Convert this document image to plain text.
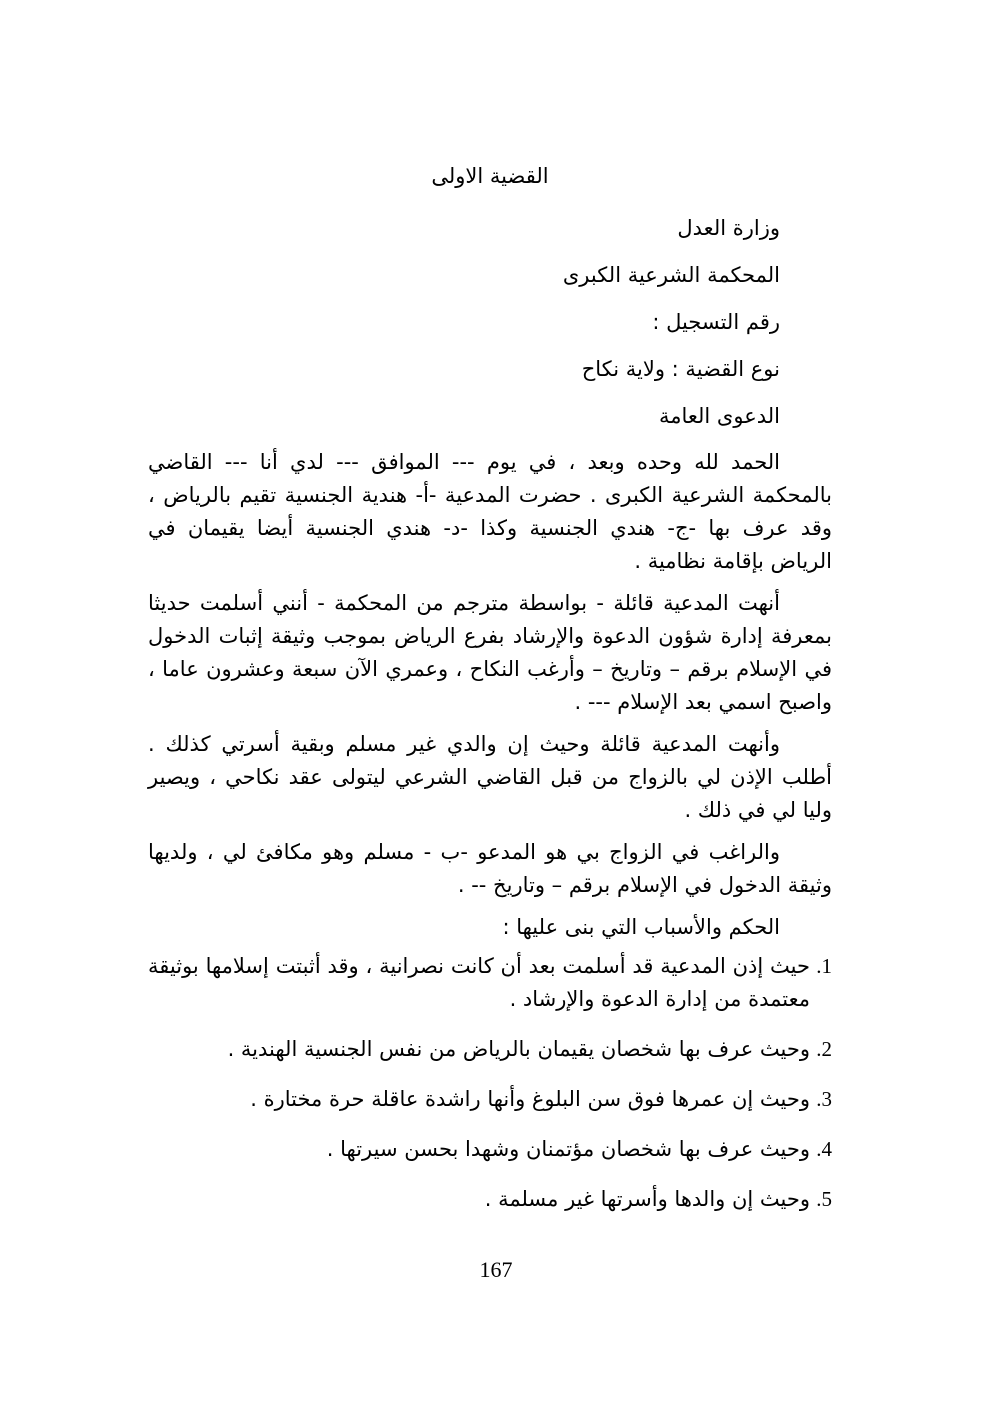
القضية الاولى
وزارة العدل
المحكمة الشرعية الكبرى
رقم التسجيل :
نوع القضية : ولاية نكاح
الدعوى العامة

الحمد لله وحده وبعد ، في يوم --- الموافق --- لدي أنا --- القاضي بالمحكمة الشرعية الكبرى . حضرت المدعية -أ- هندية الجنسية تقيم بالرياض ، وقد عرف بها -ج- هندي الجنسية وكذا -د- هندي الجنسية أيضا يقيمان في الرياض بإقامة نظامية .

أنهت المدعية قائلة - بواسطة مترجم من المحكمة - أنني أسلمت حديثا بمعرفة إدارة شؤون الدعوة والإرشاد بفرع الرياض بموجب وثيقة إثبات الدخول في الإسلام برقم – وتاريخ – وأرغب النكاح ، وعمري الآن سبعة وعشرون عاما ، واصبح اسمي بعد الإسلام --- .

وأنهت المدعية قائلة وحيث إن والدي غير مسلم وبقية أسرتي كذلك . أطلب الإذن لي بالزواج من قبل القاضي الشرعي ليتولى عقد نكاحي ، ويصير وليا لي في ذلك .

والراغب في الزواج بي هو المدعو -ب - مسلم وهو مكافئ لي ، ولديها وثيقة الدخول في الإسلام برقم – وتاريخ -- .

الحكم والأسباب التي بنى عليها :
1.
حيث إذن المدعية قد أسلمت بعد أن كانت نصرانية ، وقد أثبتت إسلامها بوثيقة معتمدة من إدارة الدعوة والإرشاد .
2.
وحيث عرف بها شخصان يقيمان بالرياض من نفس الجنسية الهندية .
3.
وحيث إن عمرها فوق سن البلوغ وأنها راشدة عاقلة حرة مختارة .
4.
وحيث عرف بها شخصان مؤتمنان وشهدا بحسن سيرتها .
5.
وحيث إن والدها وأسرتها غير مسلمة .
167
